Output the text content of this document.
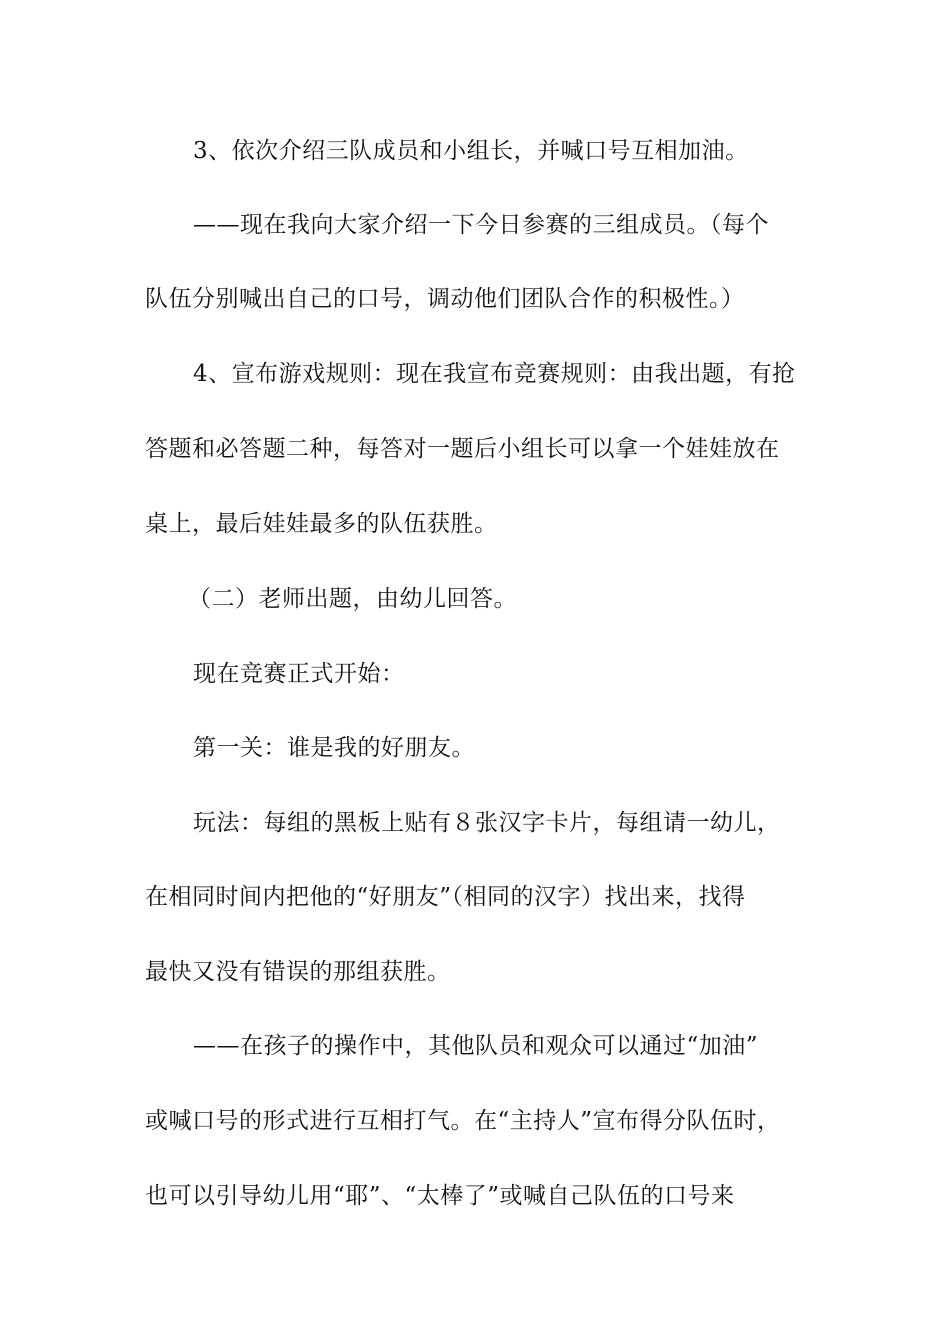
3、依次介绍三队成员和小组长，并喊口号互相加油。
——现在我向大家介绍一下今日参赛的三组成员。（每个
队伍分别喊出自己的口号，调动他们团队合作的积极性。）
4、宣布游戏规则：现在我宣布竞赛规则：由我出题，有抢
答题和必答题二种，每答对一题后小组长可以拿一个娃娃放在
桌上，最后娃娃最多的队伍获胜。
（二）老师出题，由幼儿回答。
现在竞赛正式开始：
第一关：谁是我的好朋友。
玩法：每组的黑板上贴有８张汉字卡片，每组请一幼儿，
在相同时间内把他的“好朋友”（相同的汉字）找出来，找得
最快又没有错误的那组获胜。
——在孩子的操作中，其他队员和观众可以通过“加油”
或喊口号的形式进行互相打气。在“主持人”宣布得分队伍时，
也可以引导幼儿用“耶”、“太棒了”或喊自己队伍的口号来
